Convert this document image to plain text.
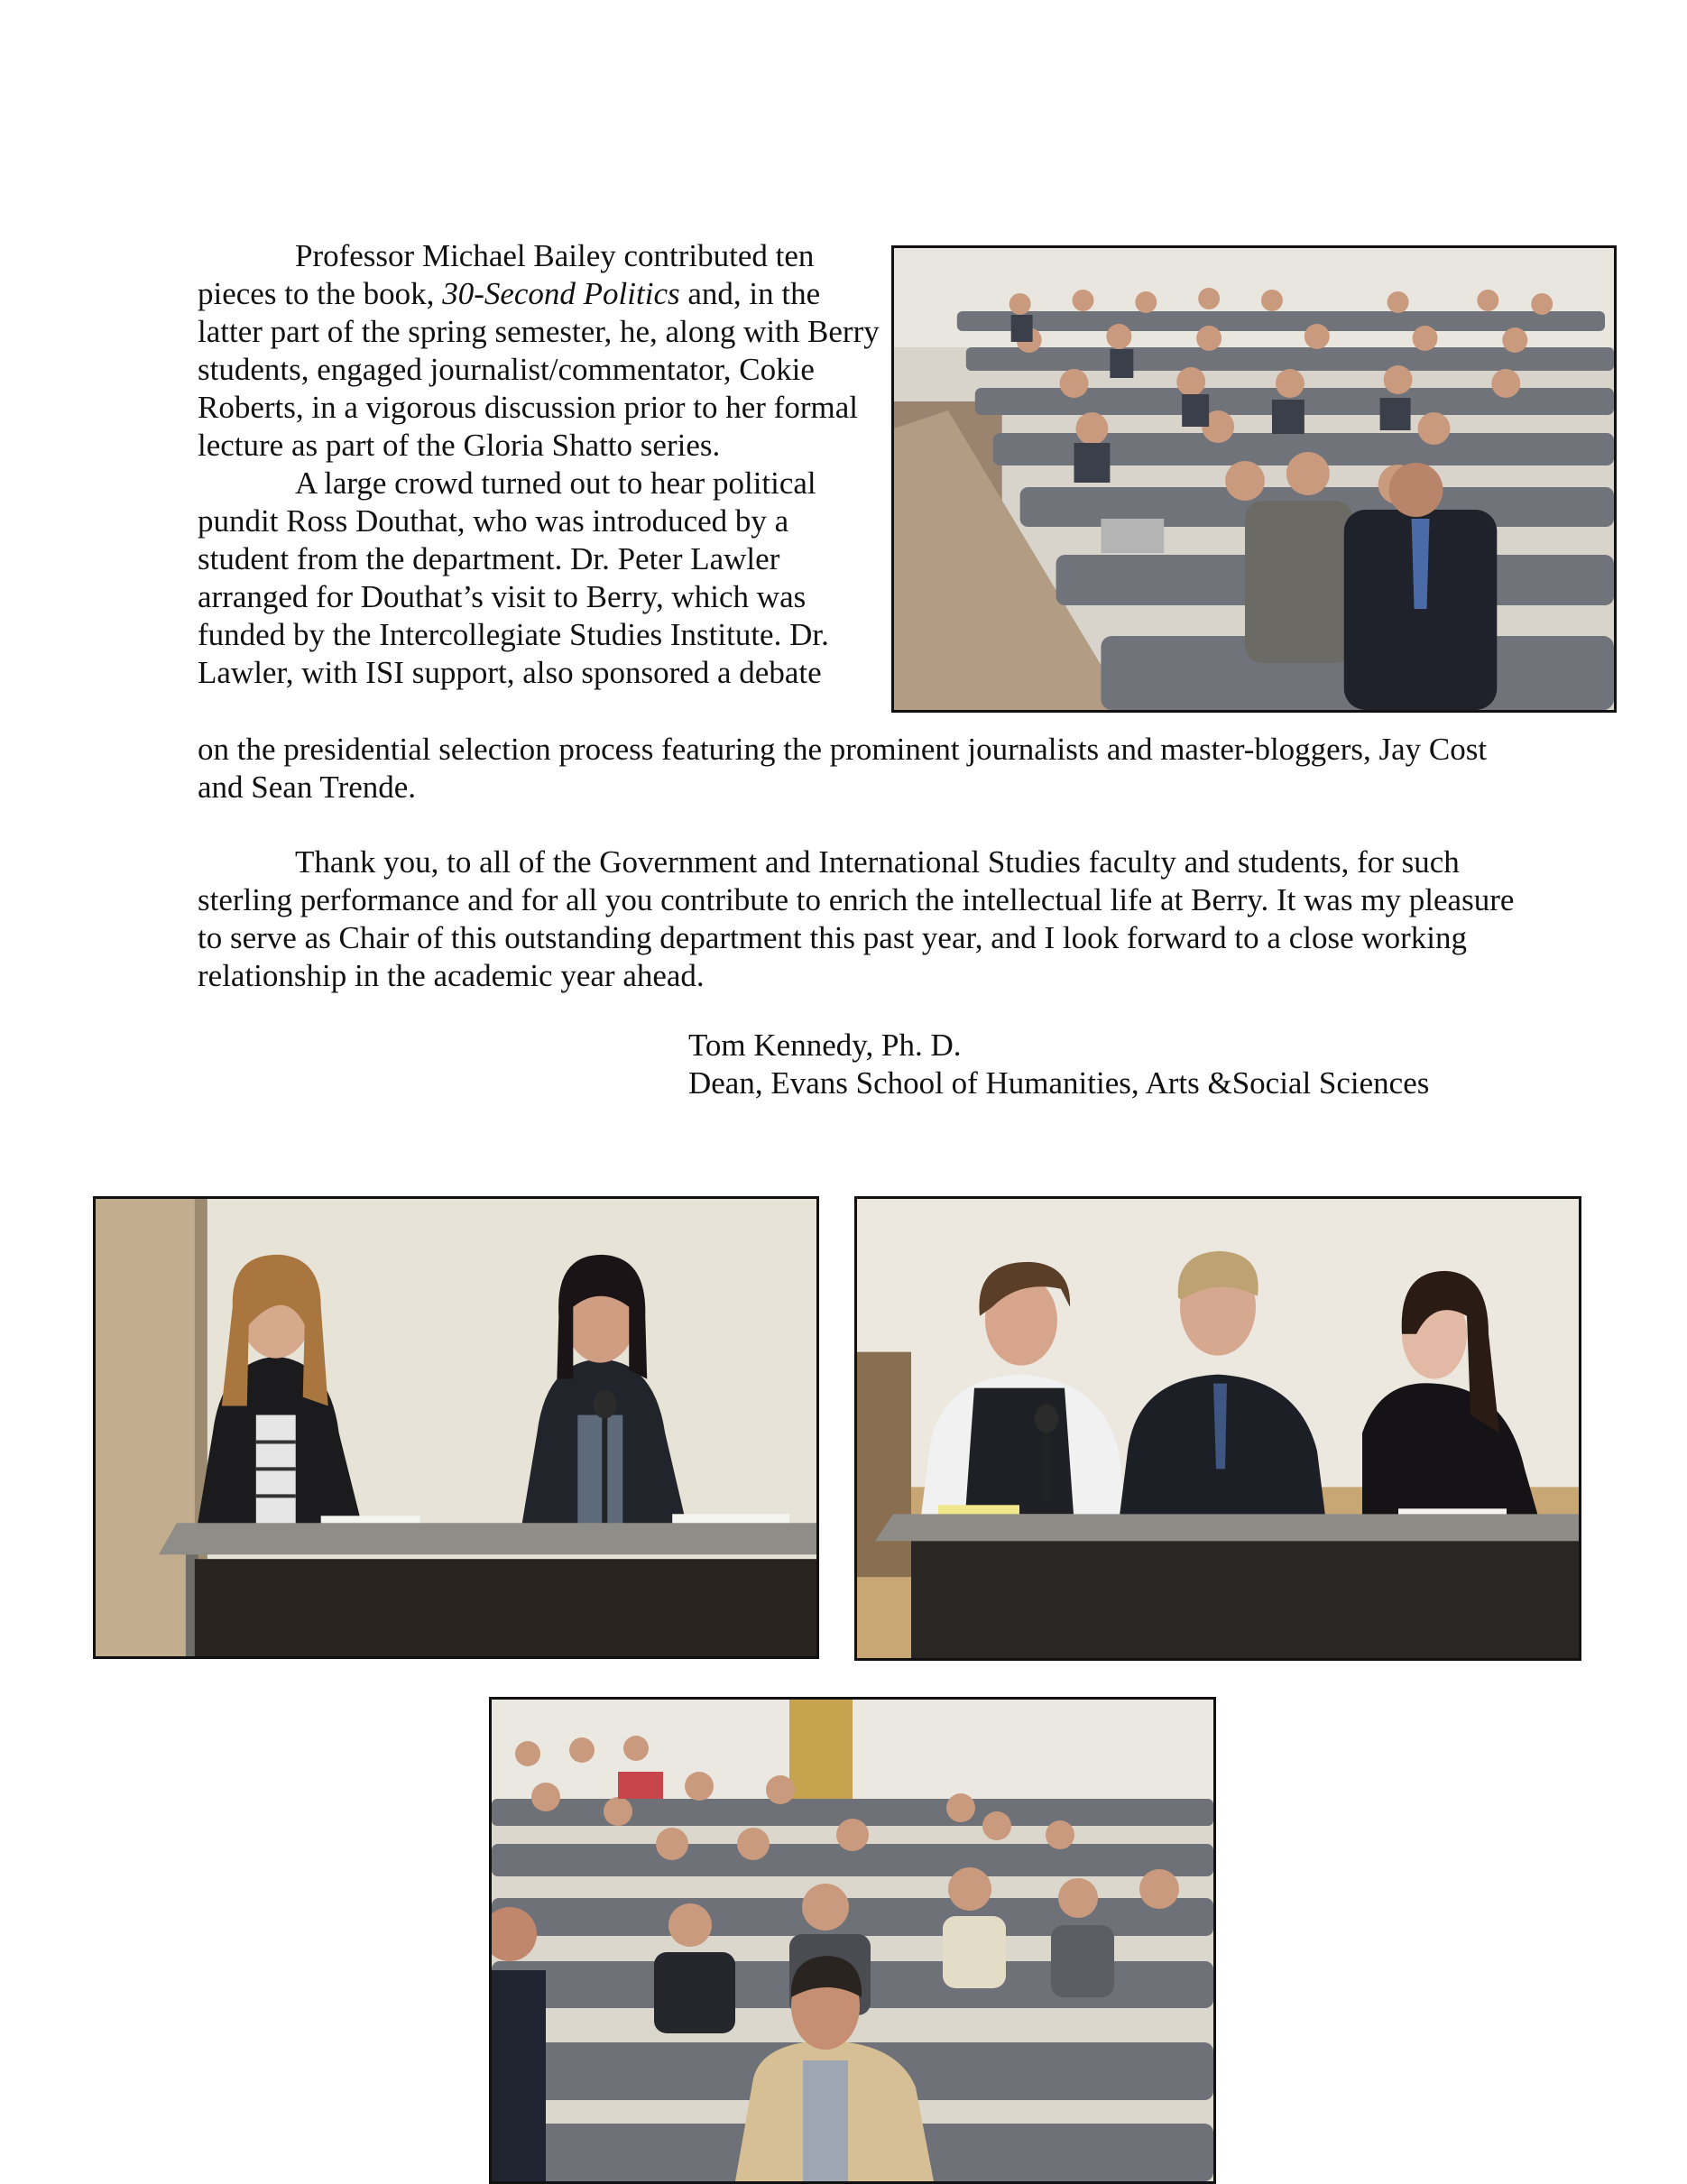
Professor Michael Bailey contributed ten pieces to the book, 30-Second Politics and, in the latter part of the spring semester, he, along with Berry students, engaged journalist/commentator, Cokie Roberts, in a vigorous discussion prior to her formal lecture as part of the Gloria Shatto series.
A large crowd turned out to hear political pundit Ross Douthat, who was introduced by a student from the department. Dr. Peter Lawler arranged for Douthat’s visit to Berry, which was funded by the Intercollegiate Studies Institute. Dr. Lawler, with ISI support, also sponsored a debate
on the presidential selection process featuring the prominent journalists and master-bloggers, Jay Cost and Sean Trende.
Thank you, to all of the Government and International Studies faculty and students, for such sterling performance and for all you contribute to enrich the intellectual life at Berry. It was my pleasure to serve as Chair of this outstanding department this past year, and I look forward to a close working relationship in the academic year ahead.
Tom Kennedy, Ph. D.
Dean, Evans School of Humanities, Arts &Social Sciences
